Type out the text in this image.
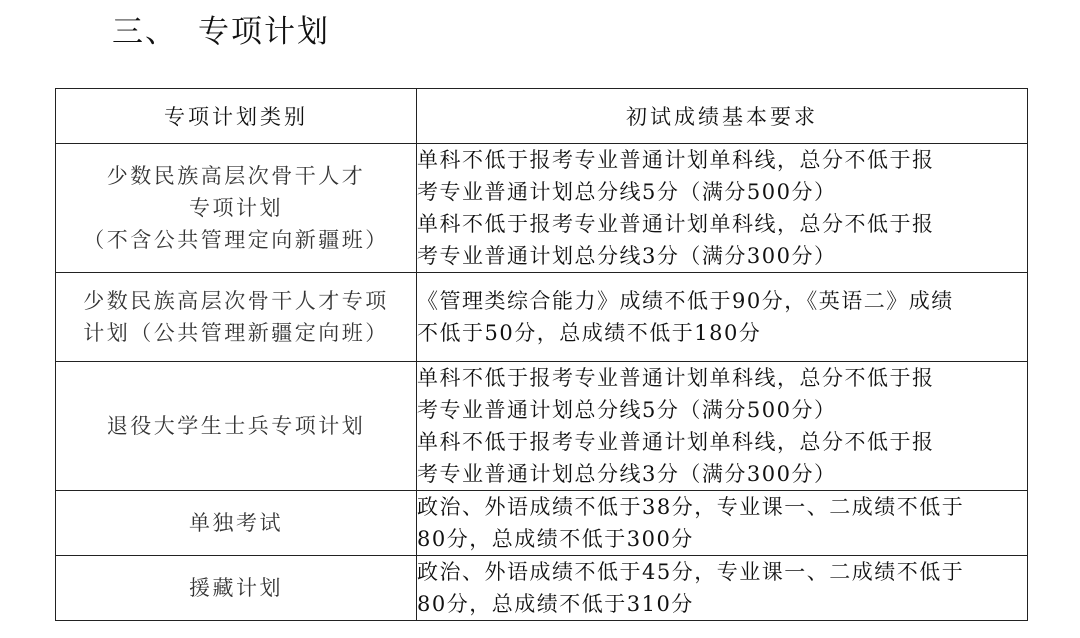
三、 专项计划
专项计划类别	初试成绩基本要求
少数民族高层次骨干人才
专项计划
（不含公共管理定向新疆班）	单科不低于报考专业普通计划单科线，总分不低于报
考专业普通计划总分线5分（满分500分）
单科不低于报考专业普通计划单科线，总分不低于报
考专业普通计划总分线3分（满分300分）

少数民族高层次骨干人才专项
计划（公共管理新疆定向班）	《管理类综合能力》成绩不低于90分，《英语二》成绩
不低于50分，总成绩不低于180分

退役大学生士兵专项计划	单科不低于报考专业普通计划单科线，总分不低于报
考专业普通计划总分线5分（满分500分）
单科不低于报考专业普通计划单科线，总分不低于报
考专业普通计划总分线3分（满分300分）

单独考试	政治、外语成绩不低于38分，专业课一、二成绩不低于
80分，总成绩不低于300分

援藏计划	政治、外语成绩不低于45分，专业课一、二成绩不低于
80分，总成绩不低于310分
